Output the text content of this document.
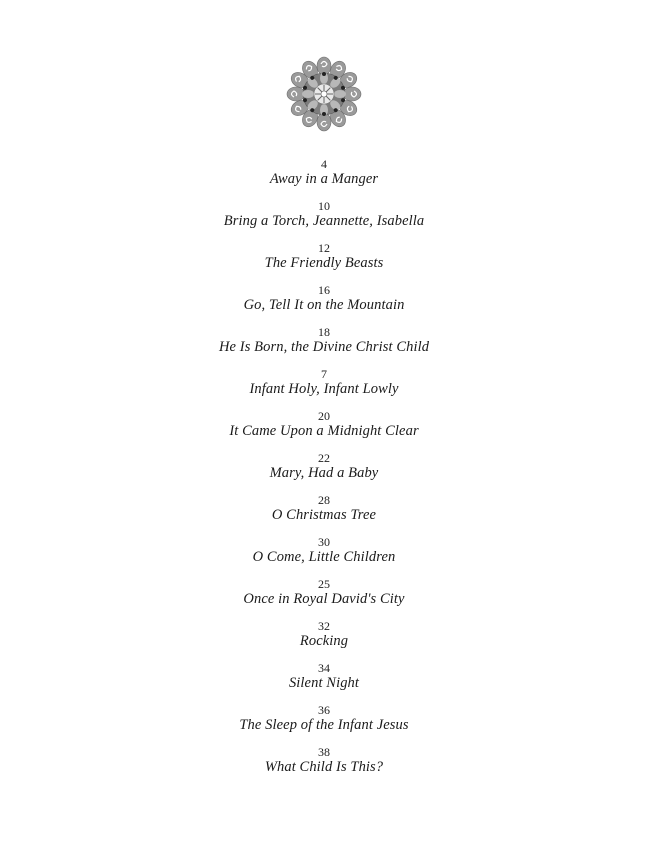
4
Away in a Manger
10
Bring a Torch, Jeannette, Isabella
12
The Friendly Beasts
16
Go, Tell It on the Mountain
18
He Is Born, the Divine Christ Child
7
Infant Holy, Infant Lowly
20
It Came Upon a Midnight Clear
22
Mary, Had a Baby
28
O Christmas Tree
30
O Come, Little Children
25
Once in Royal David's City
32
Rocking
34
Silent Night
36
The Sleep of the Infant Jesus
38
What Child Is This?
